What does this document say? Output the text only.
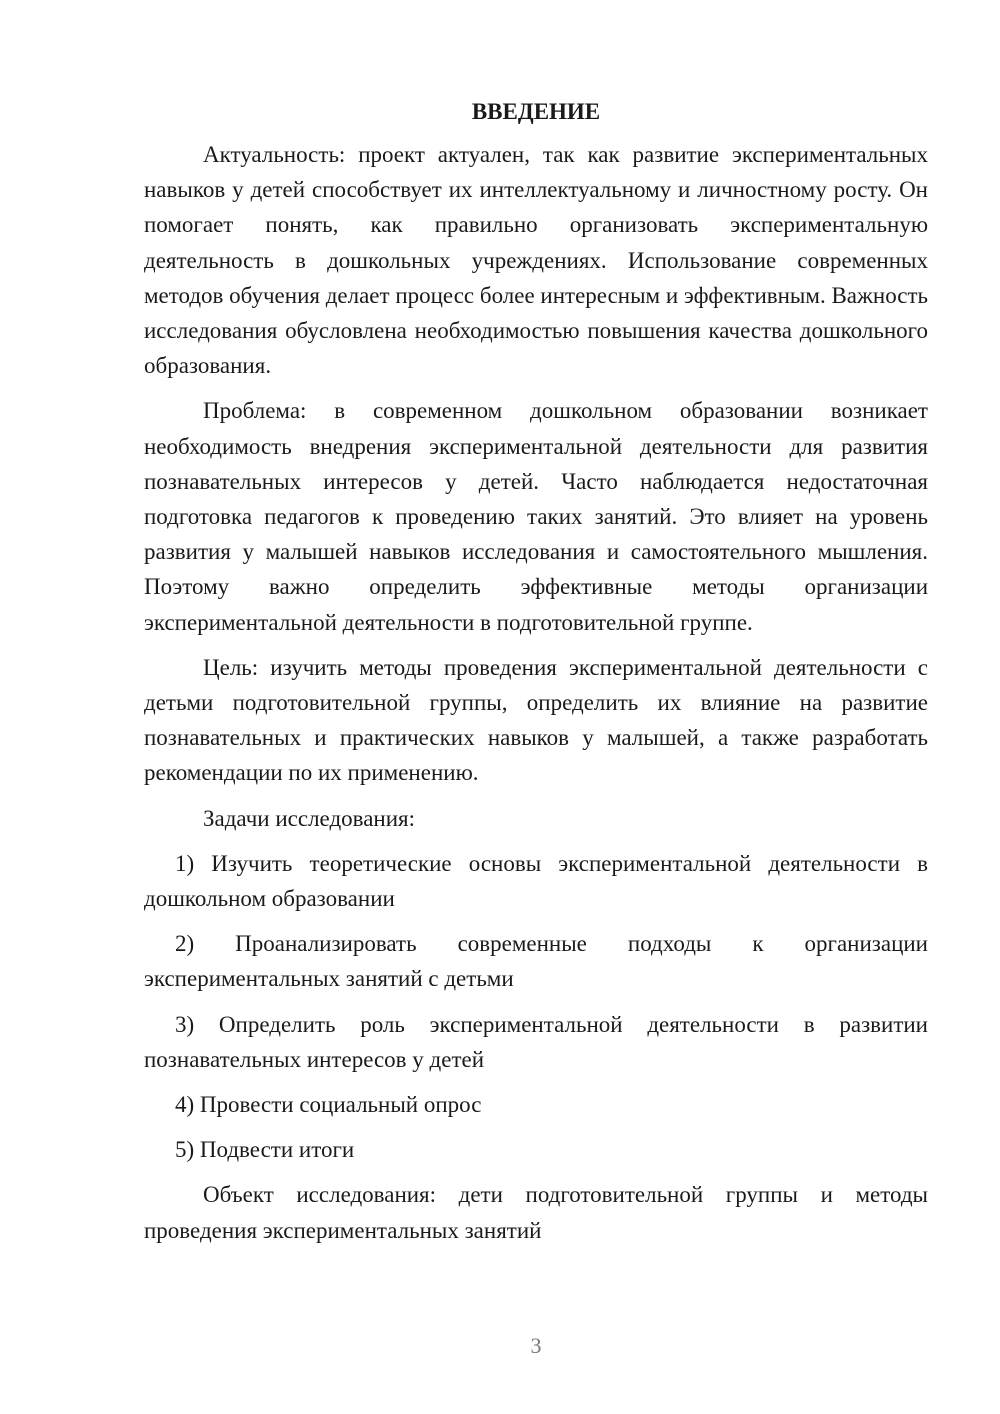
ВВЕДЕНИЕ

Актуальность: проект актуален, так как развитие экспериментальных навыков у детей способствует их интеллектуальному и личностному росту. Он помогает понять, как правильно организовать экспериментальную деятельность в дошкольных учреждениях. Использование современных методов обучения делает процесс более интересным и эффективным. Важность исследования обусловлена необходимостью повышения качества дошкольного образования.

Проблема: в современном дошкольном образовании возникает необходимость внедрения экспериментальной деятельности для развития познавательных интересов у детей. Часто наблюдается недостаточная подготовка педагогов к проведению таких занятий. Это влияет на уровень развития у малышей навыков исследования и самостоятельного мышления. Поэтому важно определить эффективные методы организации экспериментальной деятельности в подготовительной группе.

Цель: изучить методы проведения экспериментальной деятельности с детьми подготовительной группы, определить их влияние на развитие познавательных и практических навыков у малышей, а также разработать рекомендации по их применению.

Задачи исследования:

1) Изучить теоретические основы экспериментальной деятельности в дошкольном образовании

2) Проанализировать современные подходы к организации экспериментальных занятий с детьми

3) Определить роль экспериментальной деятельности в развитии познавательных интересов у детей

4) Провести социальный опрос

5) Подвести итоги

Объект исследования: дети подготовительной группы и методы проведения экспериментальных занятий

3
